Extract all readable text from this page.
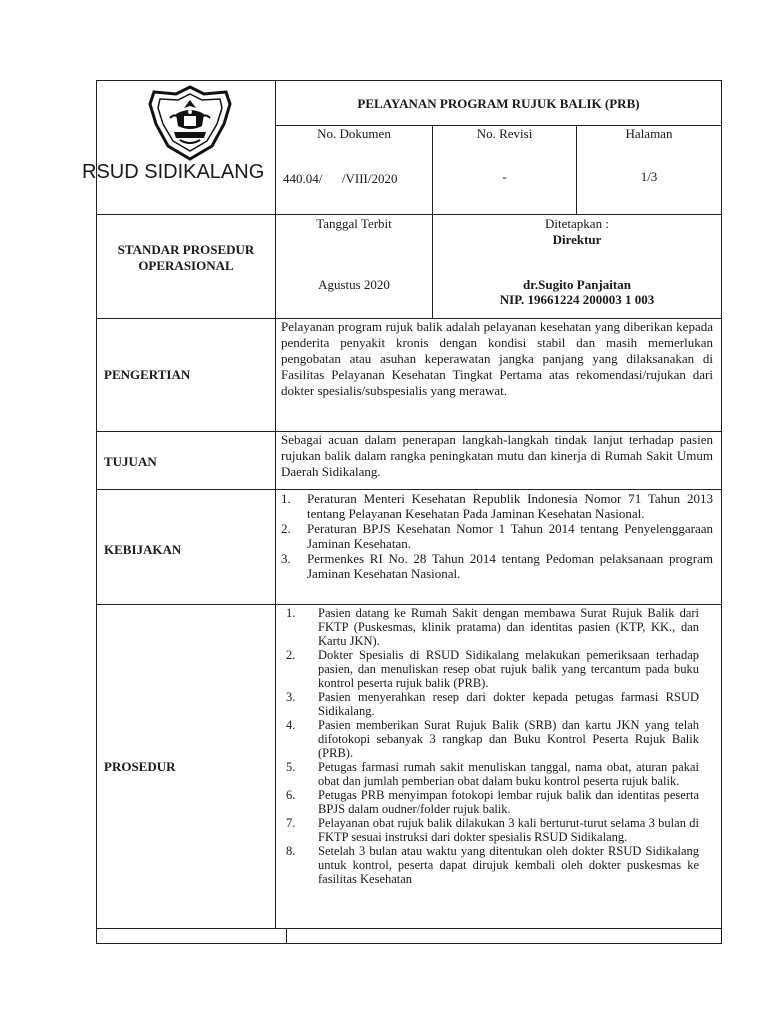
RSUD SIDIKALANG
PELAYANAN PROGRAM RUJUK BALIK (PRB)
No. Dokumen	No. Revisi	Halaman
440.04/      /VIII/2020	-	1/3
STANDAR PROSEDUR OPERASIONAL
Tanggal Terbit
Agustus 2020
Ditetapkan :
Direktur
dr.Sugito Panjaitan
NIP. 19661224 200003 1 003
PENGERTIAN
Pelayanan program rujuk balik adalah pelayanan kesehatan yang diberikan kepada penderita penyakit kronis dengan kondisi stabil dan masih memerlukan pengobatan atau asuhan keperawatan jangka panjang yang dilaksanakan di Fasilitas Pelayanan Kesehatan Tingkat Pertama atas rekomendasi/rujukan dari dokter spesialis/subspesialis yang merawat.
TUJUAN
Sebagai acuan dalam penerapan langkah-langkah tindak lanjut terhadap pasien rujukan balik dalam rangka peningkatan mutu dan kinerja di Rumah Sakit Umum Daerah Sidikalang.
KEBIJAKAN
1. Peraturan Menteri Kesehatan Republik Indonesia Nomor 71 Tahun 2013 tentang Pelayanan Kesehatan Pada Jaminan Kesehatan Nasional.
2. Peraturan BPJS Kesehatan Nomor 1 Tahun 2014 tentang Penyelenggaraan Jaminan Kesehatan.
3. Permenkes RI No. 28 Tahun 2014 tentang Pedoman pelaksanaan program Jaminan Kesehatan Nasional.
PROSEDUR
1. Pasien datang ke Rumah Sakit dengan membawa Surat Rujuk Balik dari FKTP (Puskesmas, klinik pratama) dan identitas pasien (KTP, KK., dan Kartu JKN).
2. Dokter Spesialis di RSUD Sidikalang melakukan pemeriksaan terhadap pasien, dan menuliskan resep obat rujuk balik yang tercantum pada buku kontrol peserta rujuk balik (PRB).
3. Pasien menyerahkan resep dari dokter kepada petugas farmasi RSUD Sidikalang.
4. Pasien memberikan Surat Rujuk Balik (SRB) dan kartu JKN yang telah difotokopi sebanyak 3 rangkap dan Buku Kontrol Peserta Rujuk Balik (PRB).
5. Petugas farmasi rumah sakit menuliskan tanggal, nama obat, aturan pakai obat dan jumlah pemberian obat dalam buku kontrol peserta rujuk balik.
6. Petugas PRB menyimpan fotokopi lembar rujuk balik dan identitas peserta BPJS dalam oudner/folder rujuk balik.
7. Pelayanan obat rujuk balik dilakukan 3 kali berturut-turut selama 3 bulan di FKTP sesuai instruksi dari dokter spesialis RSUD Sidikalang.
8. Setelah 3 bulan atau waktu yang ditentukan oleh dokter RSUD Sidikalang untuk kontrol, peserta dapat dirujuk kembali oleh dokter puskesmas ke fasilitas Kesehatan
